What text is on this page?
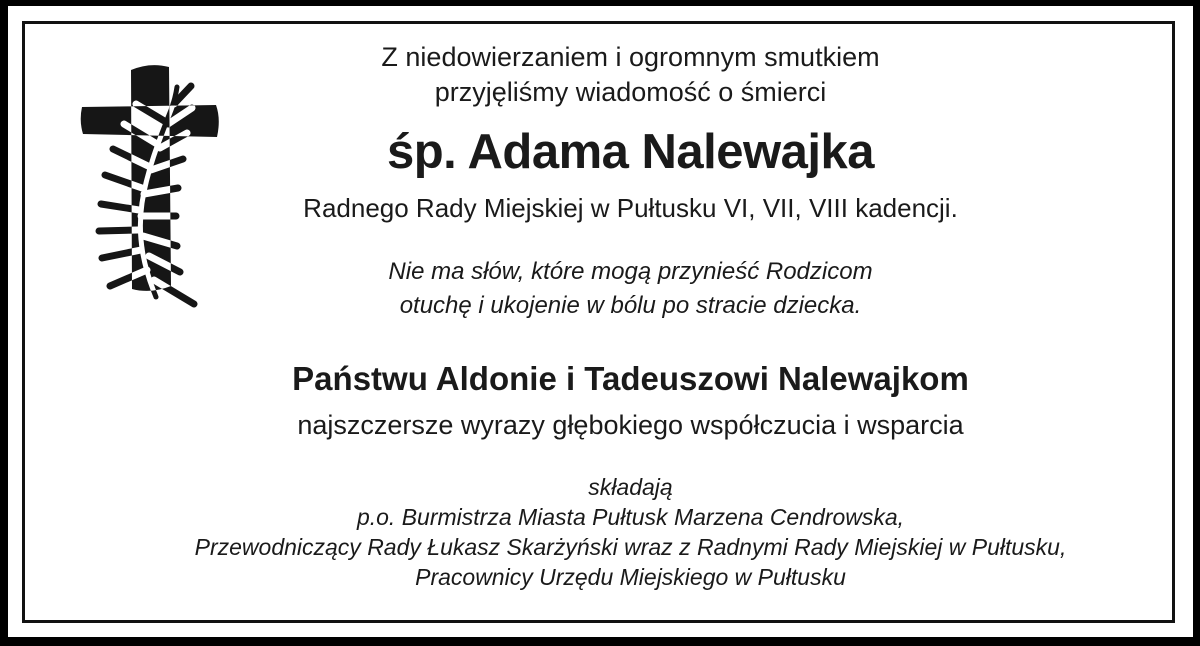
Z niedowierzaniem i ogromnym smutkiem
przyjęliśmy wiadomość o śmierci

śp. Adama Nalewajka

Radnego Rady Miejskiej w Pułtusku VI, VII, VIII kadencji.

Nie ma słów, które mogą przynieść Rodzicom
otuchę i ukojenie w bólu po stracie dziecka.

Państwu Aldonie i Tadeuszowi Nalewajkom

najszczersze wyrazy głębokiego współczucia i wsparcia

składają
p.o. Burmistrza Miasta Pułtusk Marzena Cendrowska,
Przewodniczący Rady Łukasz Skarżyński wraz z Radnymi Rady Miejskiej w Pułtusku,
Pracownicy Urzędu Miejskiego w Pułtusku
